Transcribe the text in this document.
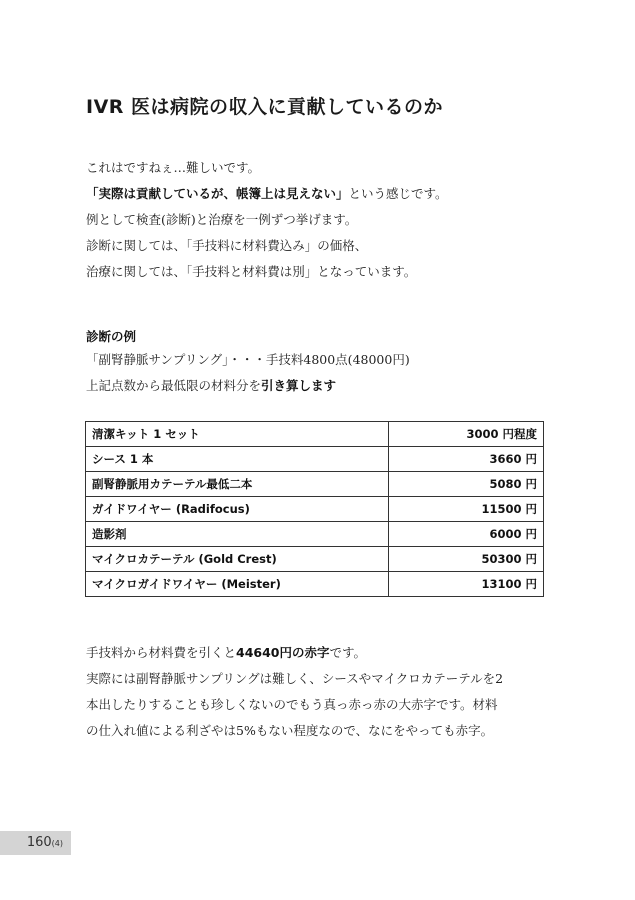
IVR 医は病院の収入に貢献しているのか
これはですねぇ…難しいです。
「実際は貢献しているが、帳簿上は見えない」という感じです。
例として検査(診断)と治療を一例ずつ挙げます。
診断に関しては、「手技料に材料費込み」の価格、
治療に関しては、「手技料と材料費は別」となっています。
診断の例
「副腎静脈サンプリング」・・・手技料4800点(48000円)
上記点数から最低限の材料分を引き算します
清潔キット 1 セット	3000 円程度
シース 1 本	3660 円
副腎静脈用カテーテル最低二本	5080 円
ガイドワイヤー (Radifocus)	11500 円
造影剤	6000 円
マイクロカテーテル (Gold Crest)	50300 円
マイクロガイドワイヤー (Meister)	13100 円
手技料から材料費を引くと44640円の赤字です。
実際には副腎静脈サンプリングは難しく、シースやマイクロカテーテルを2
本出したりすることも珍しくないのでもう真っ赤っ赤の大赤字です。材料
の仕入れ値による利ざやは5%もない程度なので、なにをやっても赤字。
160(4)
